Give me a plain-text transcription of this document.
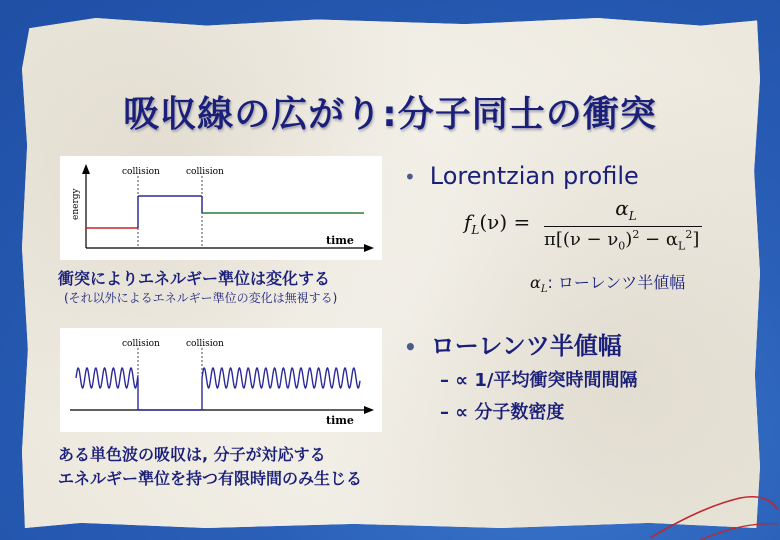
吸収線の広がり:分子同士の衝突
collision	collision
energy
time
衝突によりエネルギー準位は変化する
(それ以外によるエネルギー準位の変化は無視する)
collision	collision
time
ある単色波の吸収は, 分子が対応する
エネルギー準位を持つ有限時間のみ生じる
• Lorentzian profile
$f_L(\nu)$ =
$\alpha_L$
$\pi[(\nu - \nu_0)^2 - \alpha_L^2]$
$\alpha_L$: ローレンツ半値幅
• ローレンツ半値幅
– ∝ 1/平均衝突時間間隔
– ∝ 分子数密度
